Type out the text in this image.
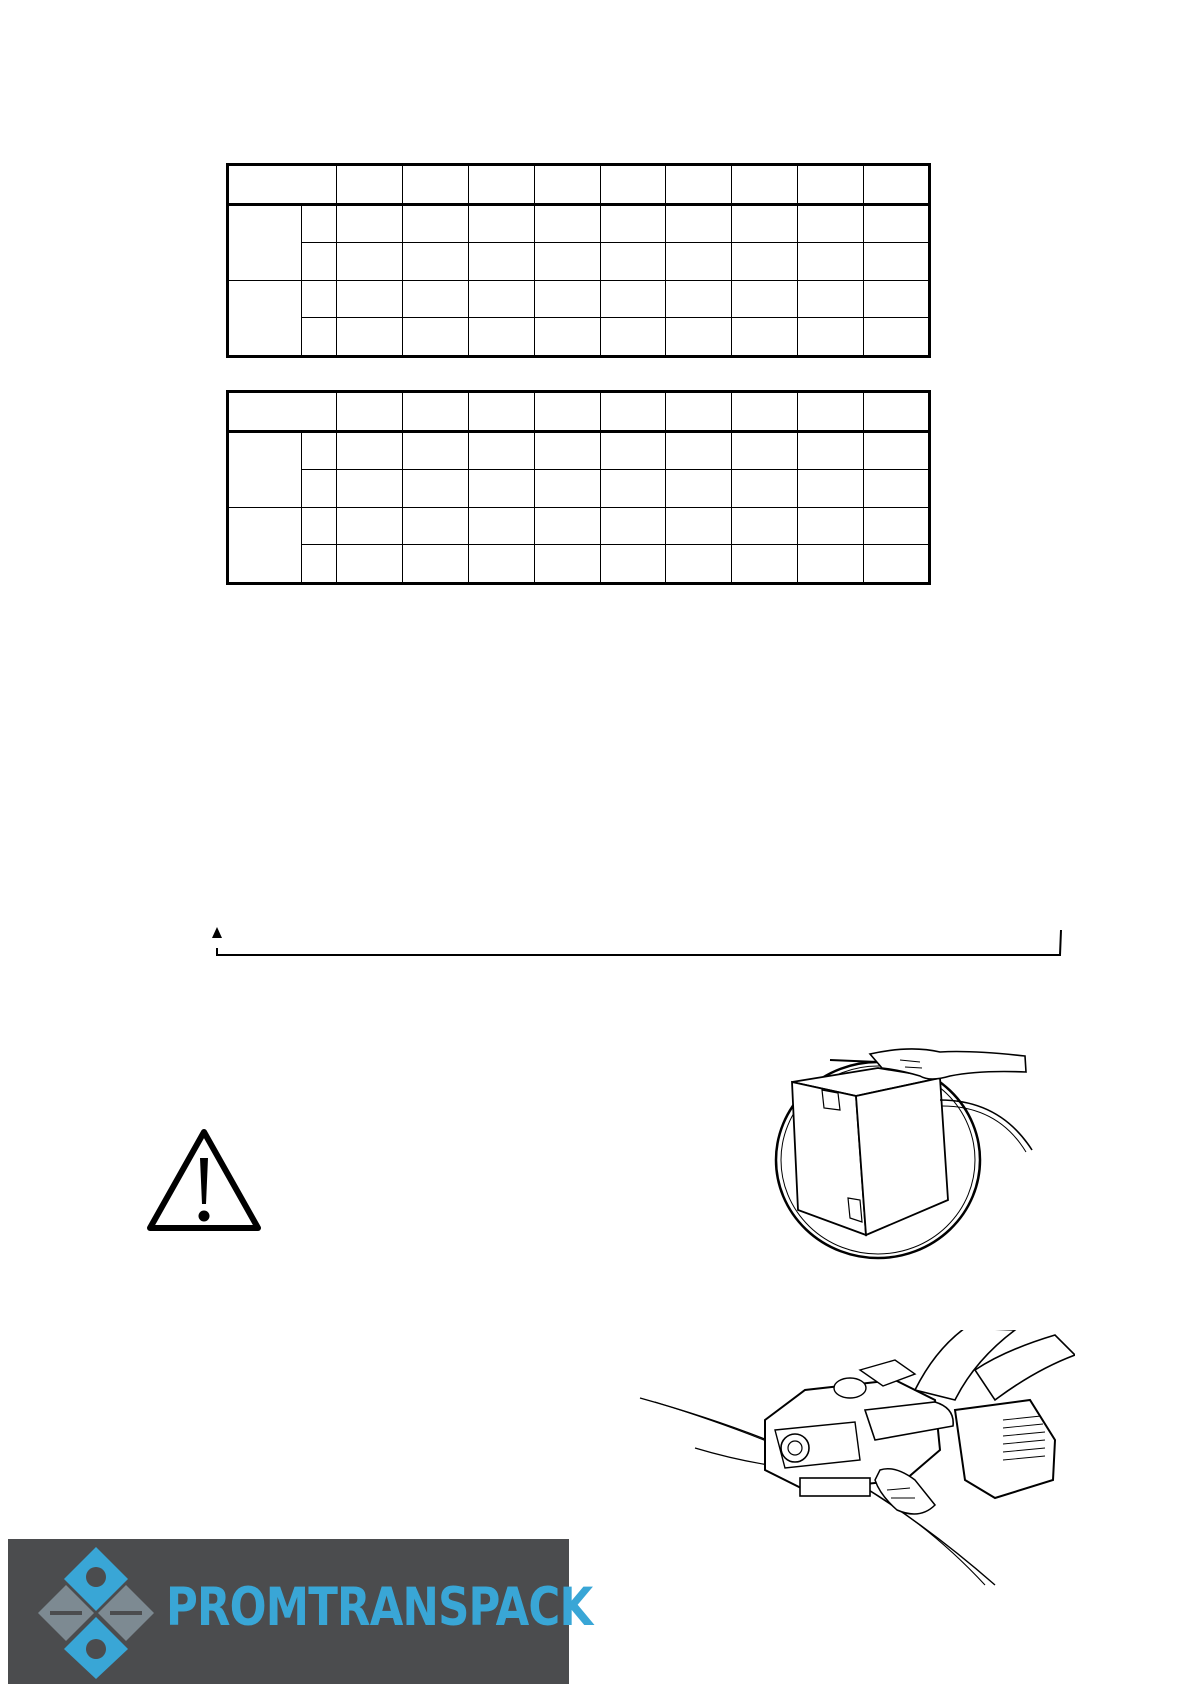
PROMTRANSPACK
